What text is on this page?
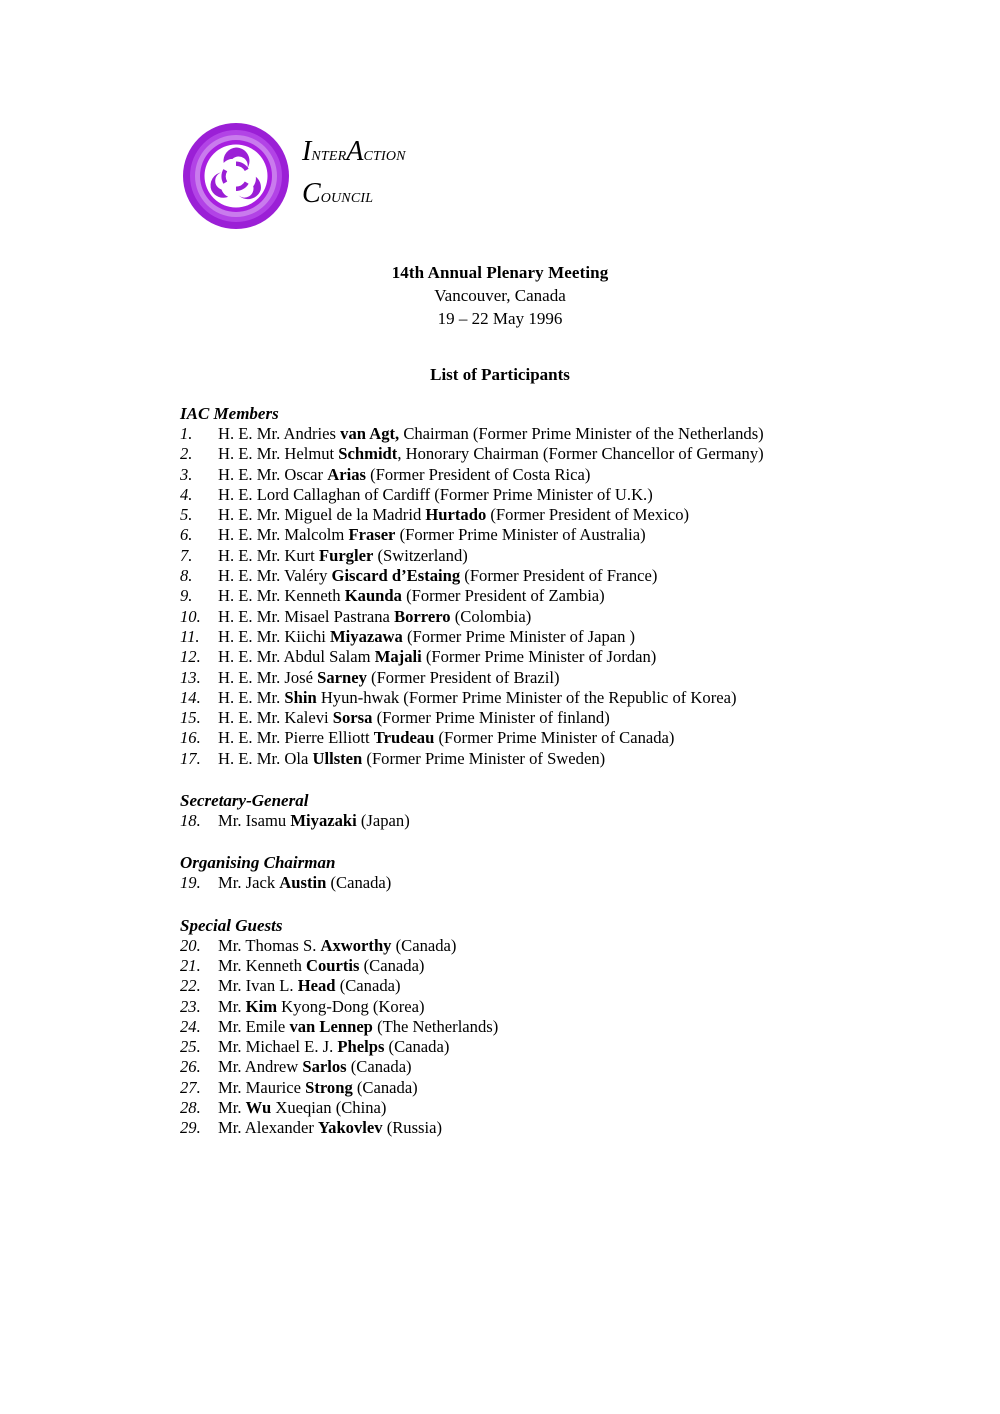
InterAction
Council
14th Annual Plenary Meeting
Vancouver, Canada
19 – 22 May 1996
List of Participants
IAC Members
1.	H. E. Mr. Andries van Agt, Chairman (Former Prime Minister of the Netherlands)
2.	H. E. Mr. Helmut Schmidt, Honorary Chairman (Former Chancellor of Germany)
3.	H. E. Mr. Oscar Arias (Former President of Costa Rica)
4.	H. E. Lord Callaghan of Cardiff (Former Prime Minister of U.K.)
5.	H. E. Mr. Miguel de la Madrid Hurtado (Former President of Mexico)
6.	H. E. Mr. Malcolm Fraser (Former Prime Minister of Australia)
7.	H. E. Mr. Kurt Furgler (Switzerland)
8.	H. E. Mr. Valéry Giscard d’Estaing (Former President of France)
9.	H. E. Mr. Kenneth Kaunda (Former President of Zambia)
10.	H. E. Mr. Misael Pastrana Borrero (Colombia)
11.	H. E. Mr. Kiichi Miyazawa (Former Prime Minister of Japan )
12.	H. E. Mr. Abdul Salam Majali (Former Prime Minister of Jordan)
13.	H. E. Mr. José Sarney (Former President of Brazil)
14.	H. E. Mr. Shin Hyun-hwak (Former Prime Minister of the Republic of Korea)
15.	H. E. Mr. Kalevi Sorsa (Former Prime Minister of finland)
16.	H. E. Mr. Pierre Elliott Trudeau (Former Prime Minister of Canada)
17.	H. E. Mr. Ola Ullsten (Former Prime Minister of Sweden)
Secretary-General
18.	Mr. Isamu Miyazaki (Japan)
Organising Chairman
19.	Mr. Jack Austin (Canada)
Special Guests
20.	Mr. Thomas S. Axworthy (Canada)
21.	Mr. Kenneth Courtis (Canada)
22.	Mr. Ivan L. Head (Canada)
23.	Mr. Kim Kyong-Dong (Korea)
24.	Mr. Emile van Lennep (The Netherlands)
25.	Mr. Michael E. J. Phelps (Canada)
26.	Mr. Andrew Sarlos (Canada)
27.	Mr. Maurice Strong (Canada)
28.	Mr. Wu Xueqian (China)
29.	Mr. Alexander Yakovlev (Russia)
